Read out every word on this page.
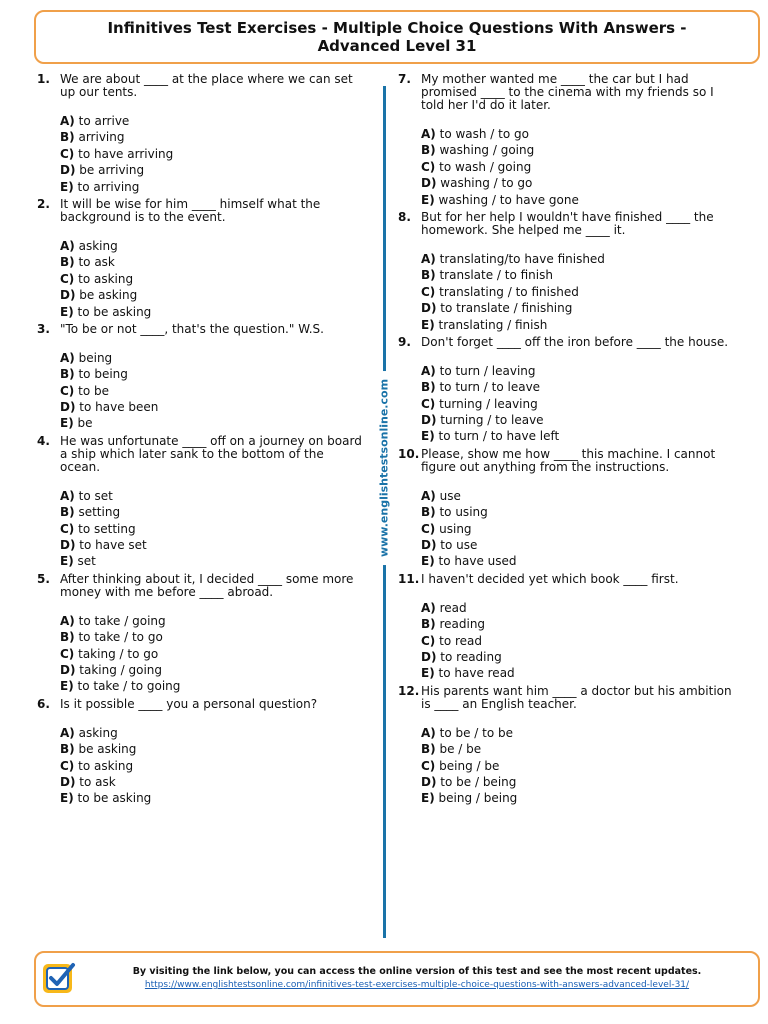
Infinitives Test Exercises - Multiple Choice Questions With Answers -
Advanced Level 31
1. We are about ____ at the place where we can set up our tents.
A) to arrive
B) arriving
C) to have arriving
D) be arriving
E) to arriving
2. It will be wise for him ____ himself what the background is to the event.
A) asking
B) to ask
C) to asking
D) be asking
E) to be asking
3. "To be or not ____, that's the question." W.S.
A) being
B) to being
C) to be
D) to have been
E) be
4. He was unfortunate ____ off on a journey on board a ship which later sank to the bottom of the ocean.
A) to set
B) setting
C) to setting
D) to have set
E) set
5. After thinking about it, I decided ____ some more money with me before ____ abroad.
A) to take / going
B) to take / to go
C) taking / to go
D) taking / going
E) to take / to going
6. Is it possible ____ you a personal question?
A) asking
B) be asking
C) to asking
D) to ask
E) to be asking
www.englishtestsonline.com
7. My mother wanted me ____ the car but I had promised ____ to the cinema with my friends so I told her I'd do it later.
A) to wash / to go
B) washing / going
C) to wash / going
D) washing / to go
E) washing / to have gone
8. But for her help I wouldn't have finished ____ the homework. She helped me ____ it.
A) translating/to have finished
B) translate / to finish
C) translating / to finished
D) to translate / finishing
E) translating / finish
9. Don't forget ____ off the iron before ____ the house.
A) to turn / leaving
B) to turn / to leave
C) turning / leaving
D) turning / to leave
E) to turn / to have left
10. Please, show me how ____ this machine. I cannot figure out anything from the instructions.
A) use
B) to using
C) using
D) to use
E) to have used
11. I haven't decided yet which book ____ first.
A) read
B) reading
C) to read
D) to reading
E) to have read
12. His parents want him ____ a doctor but his ambition is ____ an English teacher.
A) to be / to be
B) be / be
C) being / be
D) to be / being
E) being / being
By visiting the link below, you can access the online version of this test and see the most recent updates.
https://www.englishtestsonline.com/infinitives-test-exercises-multiple-choice-questions-with-answers-advanced-level-31/
